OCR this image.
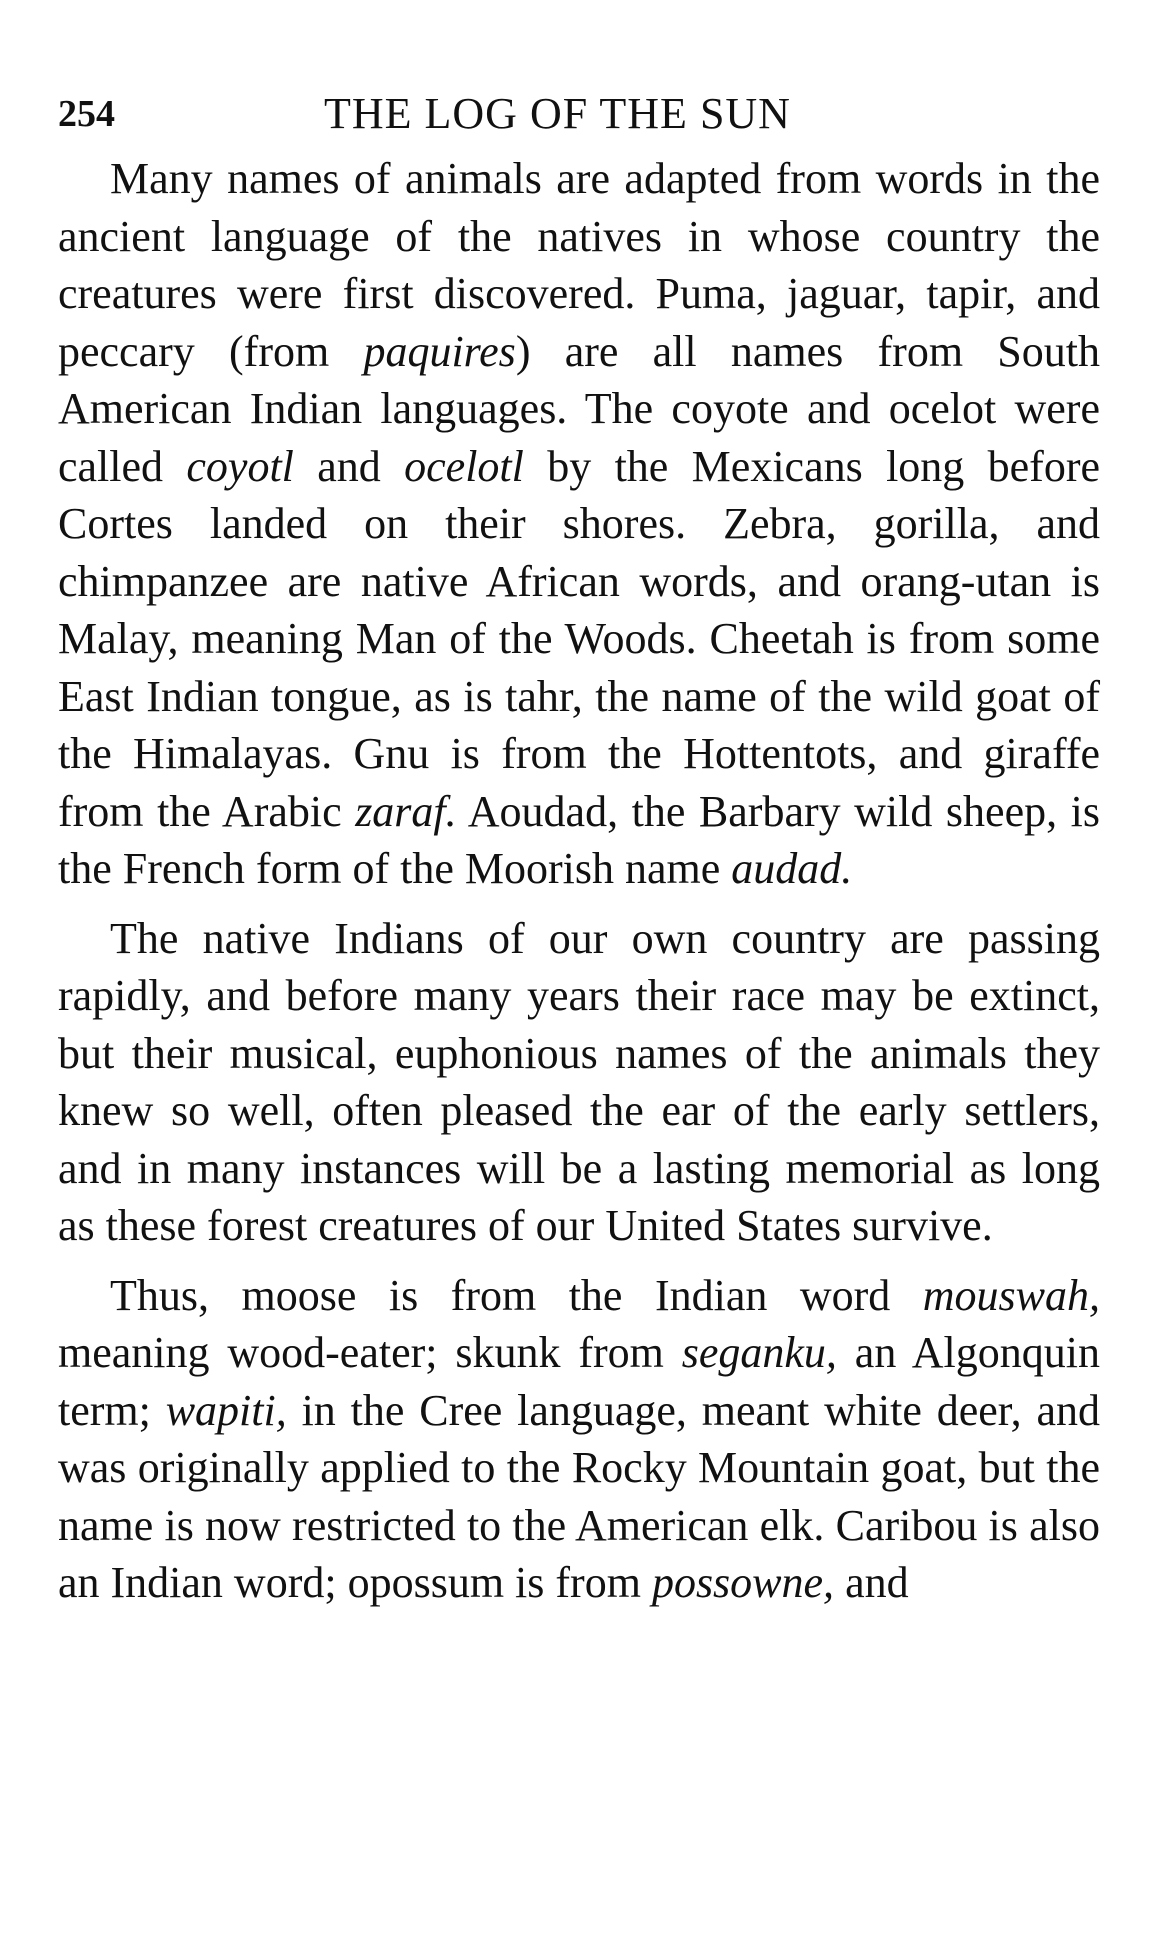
254	THE LOG OF THE SUN

Many names of animals are adapted from words in the ancient language of the natives in whose country the creatures were first discovered. Puma, jaguar, tapir, and peccary (from paquires) are all names from South American Indian languages. The coyote and ocelot were called coyotl and ocelotl by the Mexicans long before Cortes landed on their shores. Zebra, gorilla, and chimpanzee are native African words, and orang-utan is Malay, meaning Man of the Woods. Cheetah is from some East Indian tongue, as is tahr, the name of the wild goat of the Himalayas. Gnu is from the Hottentots, and giraffe from the Arabic zaraf. Aoudad, the Barbary wild sheep, is the French form of the Moorish name audad.

The native Indians of our own country are passing rapidly, and before many years their race may be extinct, but their musical, euphonious names of the animals they knew so well, often pleased the ear of the early settlers, and in many instances will be a lasting memorial as long as these forest creatures of our United States survive.

Thus, moose is from the Indian word mouswah, meaning wood-eater; skunk from seganku, an Algonquin term; wapiti, in the Cree language, meant white deer, and was originally applied to the Rocky Mountain goat, but the name is now restricted to the American elk. Caribou is also an Indian word; opossum is from possowne, and
